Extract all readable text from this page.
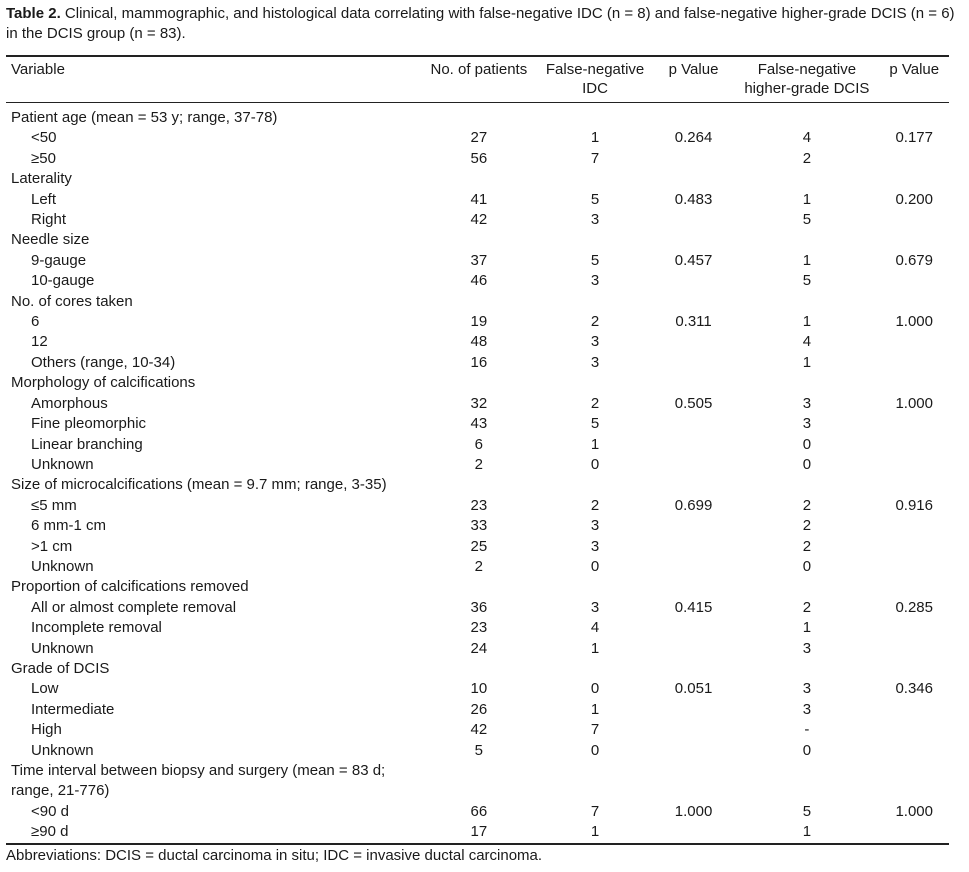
Table 2. Clinical, mammographic, and histological data correlating with false-negative IDC (n = 8) and false-negative higher-grade DCIS (n = 6) in the DCIS group (n = 83).
Variable	No. of patients	False-negative IDC	p Value	False-negative higher-grade DCIS	p Value
Patient age (mean = 53 y; range, 37-78)					
<50	27	1	0.264	4	0.177
≥50	56	7		2	
Laterality					
Left	41	5	0.483	1	0.200
Right	42	3		5	
Needle size					
9-gauge	37	5	0.457	1	0.679
10-gauge	46	3		5	
No. of cores taken					
6	19	2	0.311	1	1.000
12	48	3		4	
Others (range, 10-34)	16	3		1	
Morphology of calcifications					
Amorphous	32	2	0.505	3	1.000
Fine pleomorphic	43	5		3	
Linear branching	6	1		0	
Unknown	2	0		0	
Size of microcalcifications (mean = 9.7 mm; range, 3-35)					
≤5 mm	23	2	0.699	2	0.916
6 mm-1 cm	33	3		2	
>1 cm	25	3		2	
Unknown	2	0		0	
Proportion of calcifications removed					
All or almost complete removal	36	3	0.415	2	0.285
Incomplete removal	23	4		1	
Unknown	24	1		3	
Grade of DCIS					
Low	10	0	0.051	3	0.346
Intermediate	26	1		3	
High	42	7		-	
Unknown	5	0		0	
Time interval between biopsy and surgery (mean = 83 d; range, 21-776)					
<90 d	66	7	1.000	5	1.000
≥90 d	17	1		1	
Abbreviations: DCIS = ductal carcinoma in situ; IDC = invasive ductal carcinoma.
